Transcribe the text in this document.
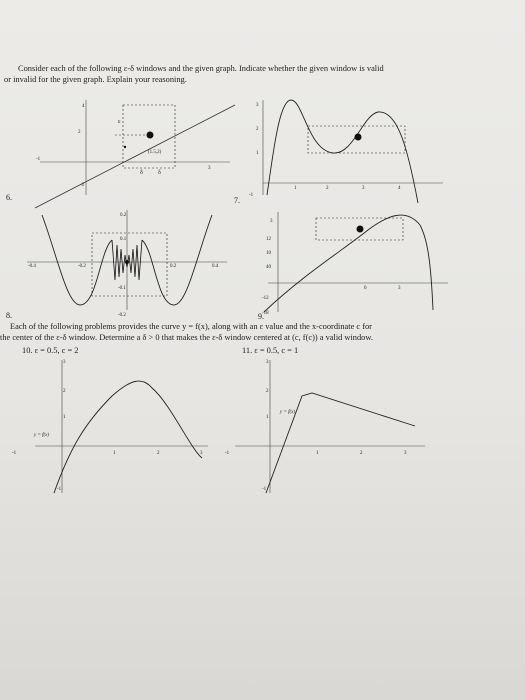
Consider each of the following ε-δ windows and the given graph. Indicate whether the given window is valid
or invalid for the given graph. Explain your reasoning.
(1.5,2)
-1
3
2
4
-2
δ	δ
ε
6.
3
2
1
1	2	3	4
-1
7.
0.2
0.1
-0.4	-0.2	0.2	0.4
-0.1
-0.2
8.
3
12
10
40
0	3
-12
-18
9.
Each of the following problems provides the curve y = f(x), along with an ε value and the x-coordinate c for
the center of the ε-δ window. Determine a δ > 0 that makes the ε-δ window centered at (c, f(c)) a valid window.
10. ε = 0.5, c = 2	11. ε = 0.5, c = 1
3
2
1
-1	1	2	3
-1
y = f(x)
3
2
1
-1	1	2	3
-1
y = f(x)
